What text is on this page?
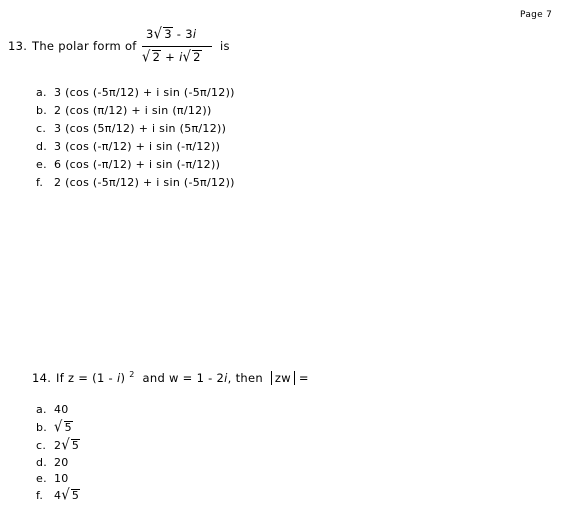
Page 7
13. The polar form of
3√ 3 - 3i
√ 2 + i√ 2
is
a. 3 (cos (-5π/12) + i sin (-5π/12))
b. 2 (cos (π/12) + i sin (π/12))
c. 3 (cos (5π/12) + i sin (5π/12))
d. 3 (cos (-π/12) + i sin (-π/12))
e. 6 (cos (-π/12) + i sin (-π/12))
f. 2 (cos (-5π/12) + i sin (-5π/12))
14. If z = (1 - i) $^2$ and w = 1 - 2i, then zw =
a. 40
b. √ 5
c. 2√ 5
d. 20
e. 10
f. 4√ 5
